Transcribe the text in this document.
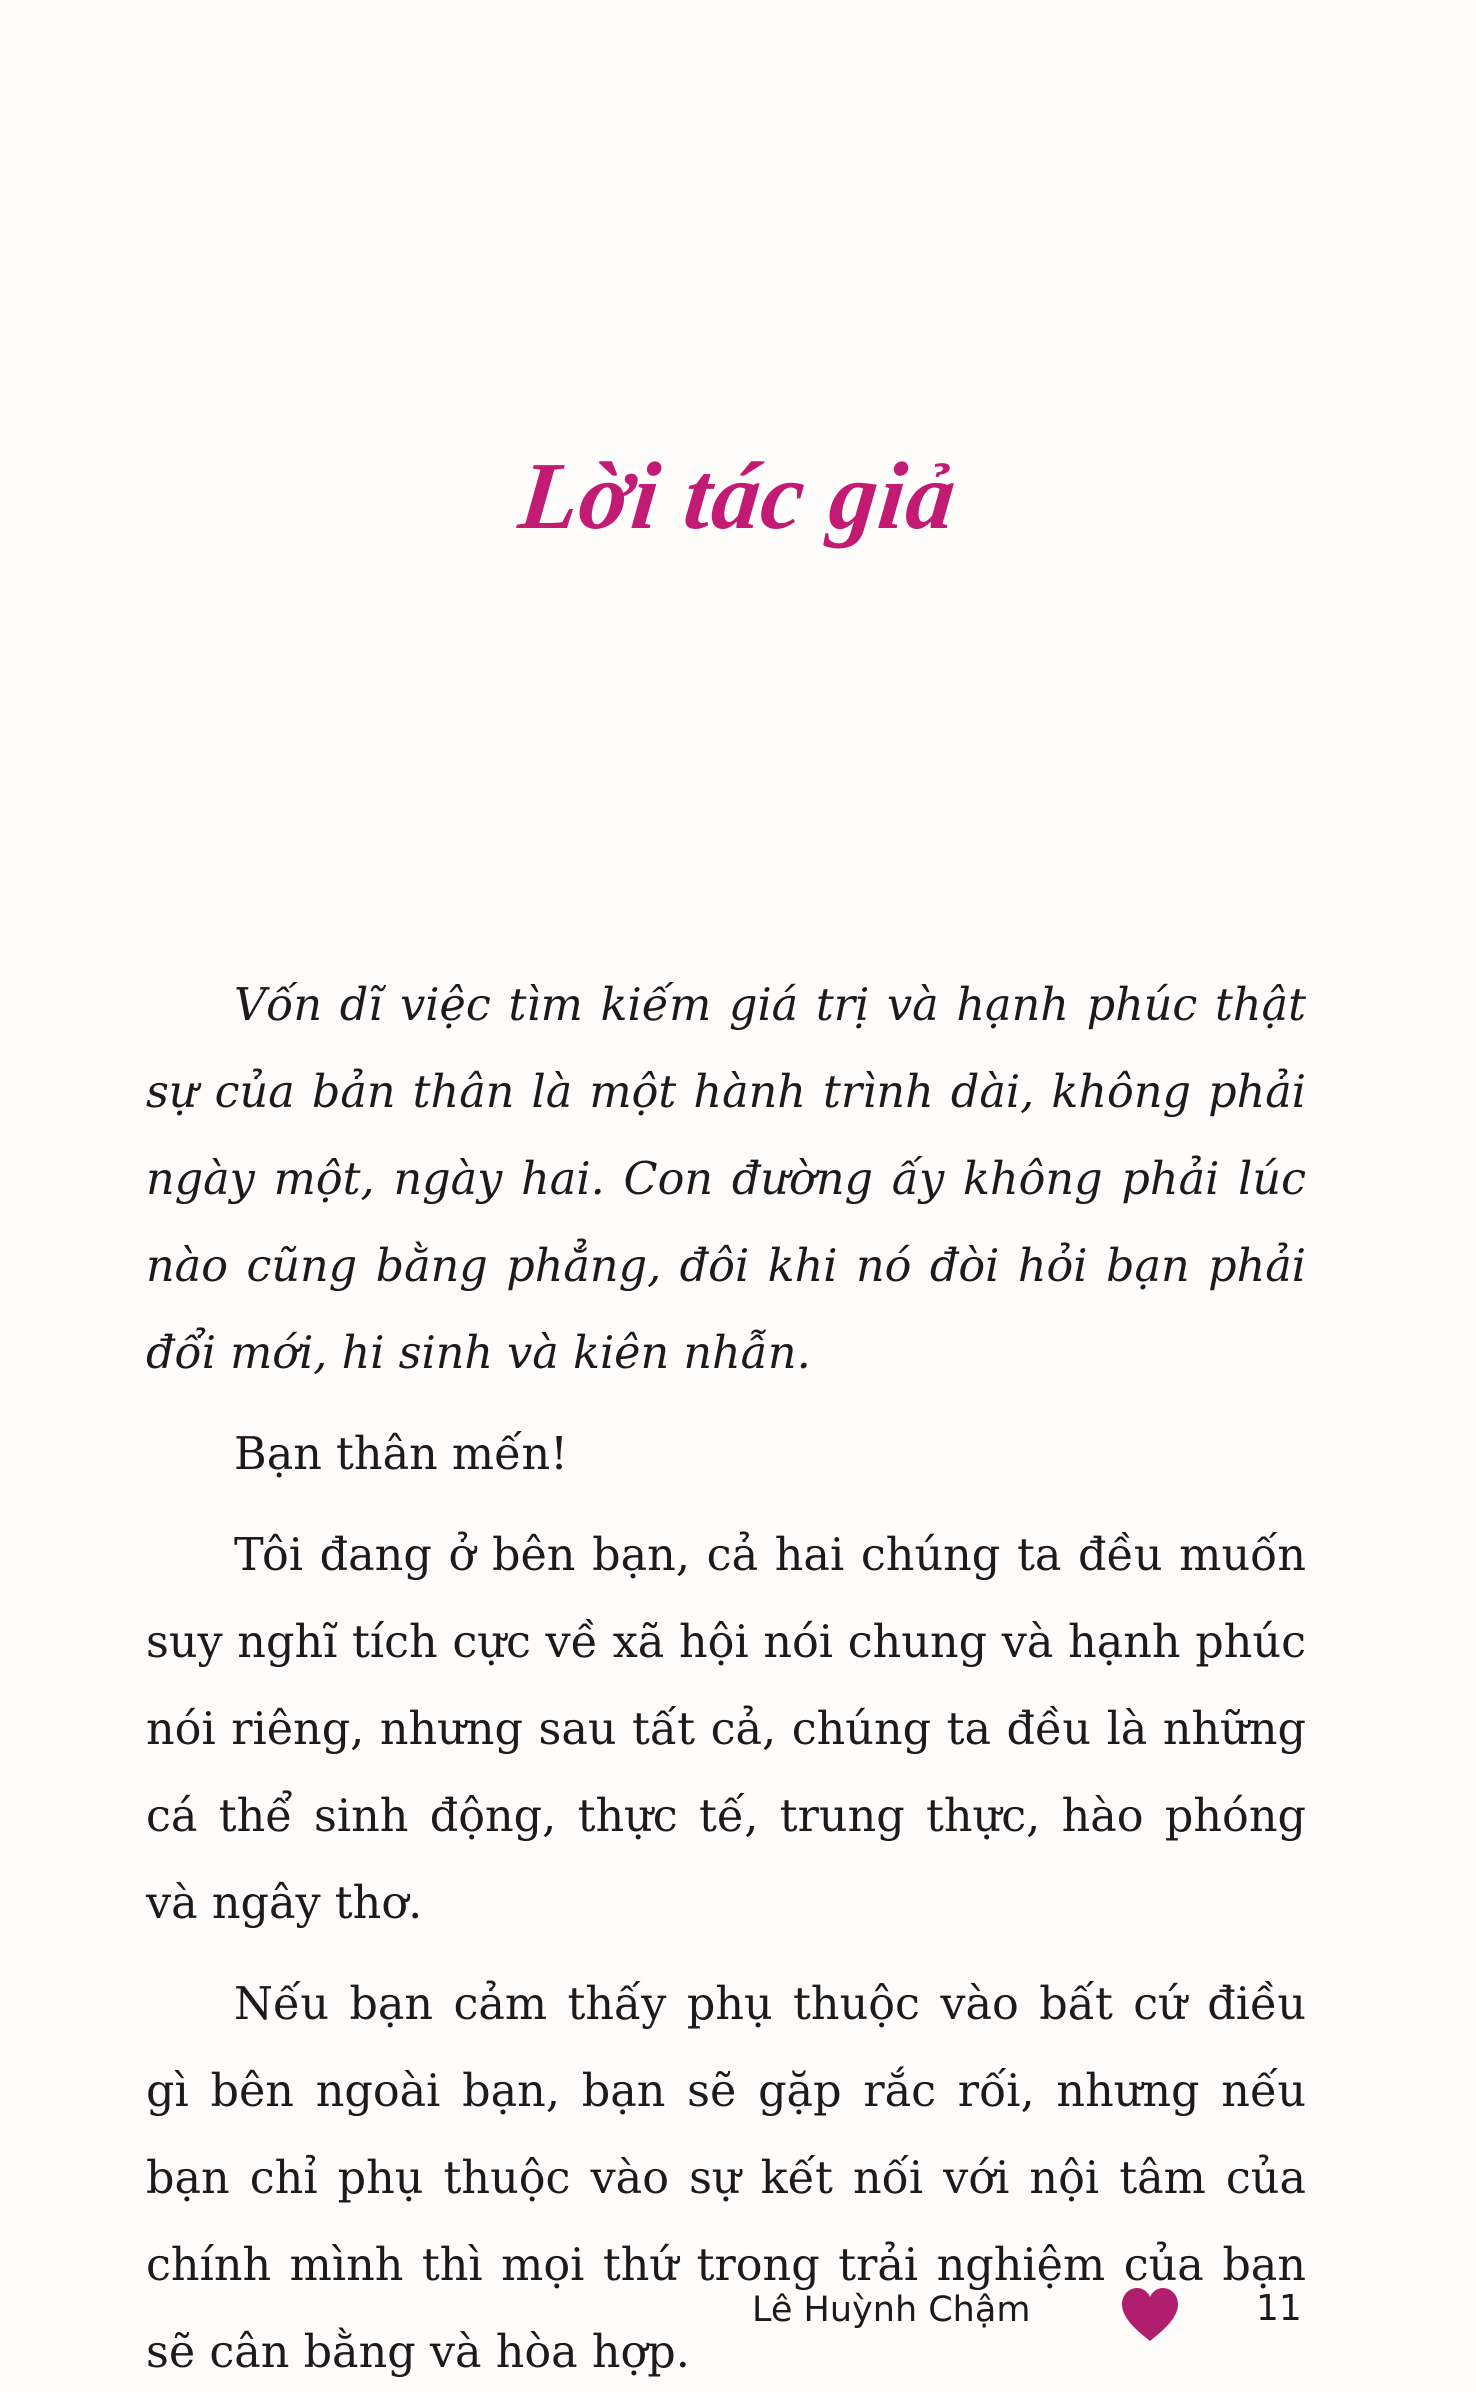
Lời tác giả

Vốn dĩ việc tìm kiếm giá trị và hạnh phúc thật sự của bản thân là một hành trình dài, không phải ngày một, ngày hai. Con đường ấy không phải lúc nào cũng bằng phẳng, đôi khi nó đòi hỏi bạn phải đổi mới, hi sinh và kiên nhẫn.

Bạn thân mến!

Tôi đang ở bên bạn, cả hai chúng ta đều muốn suy nghĩ tích cực về xã hội nói chung và hạnh phúc nói riêng, nhưng sau tất cả, chúng ta đều là những cá thể sinh động, thực tế, trung thực, hào phóng và ngây thơ.

Nếu bạn cảm thấy phụ thuộc vào bất cứ điều gì bên ngoài bạn, bạn sẽ gặp rắc rối, nhưng nếu bạn chỉ phụ thuộc vào sự kết nối với nội tâm của chính mình thì mọi thứ trong trải nghiệm của bạn sẽ cân bằng và hòa hợp.

Lê Huỳnh Chậm	11
